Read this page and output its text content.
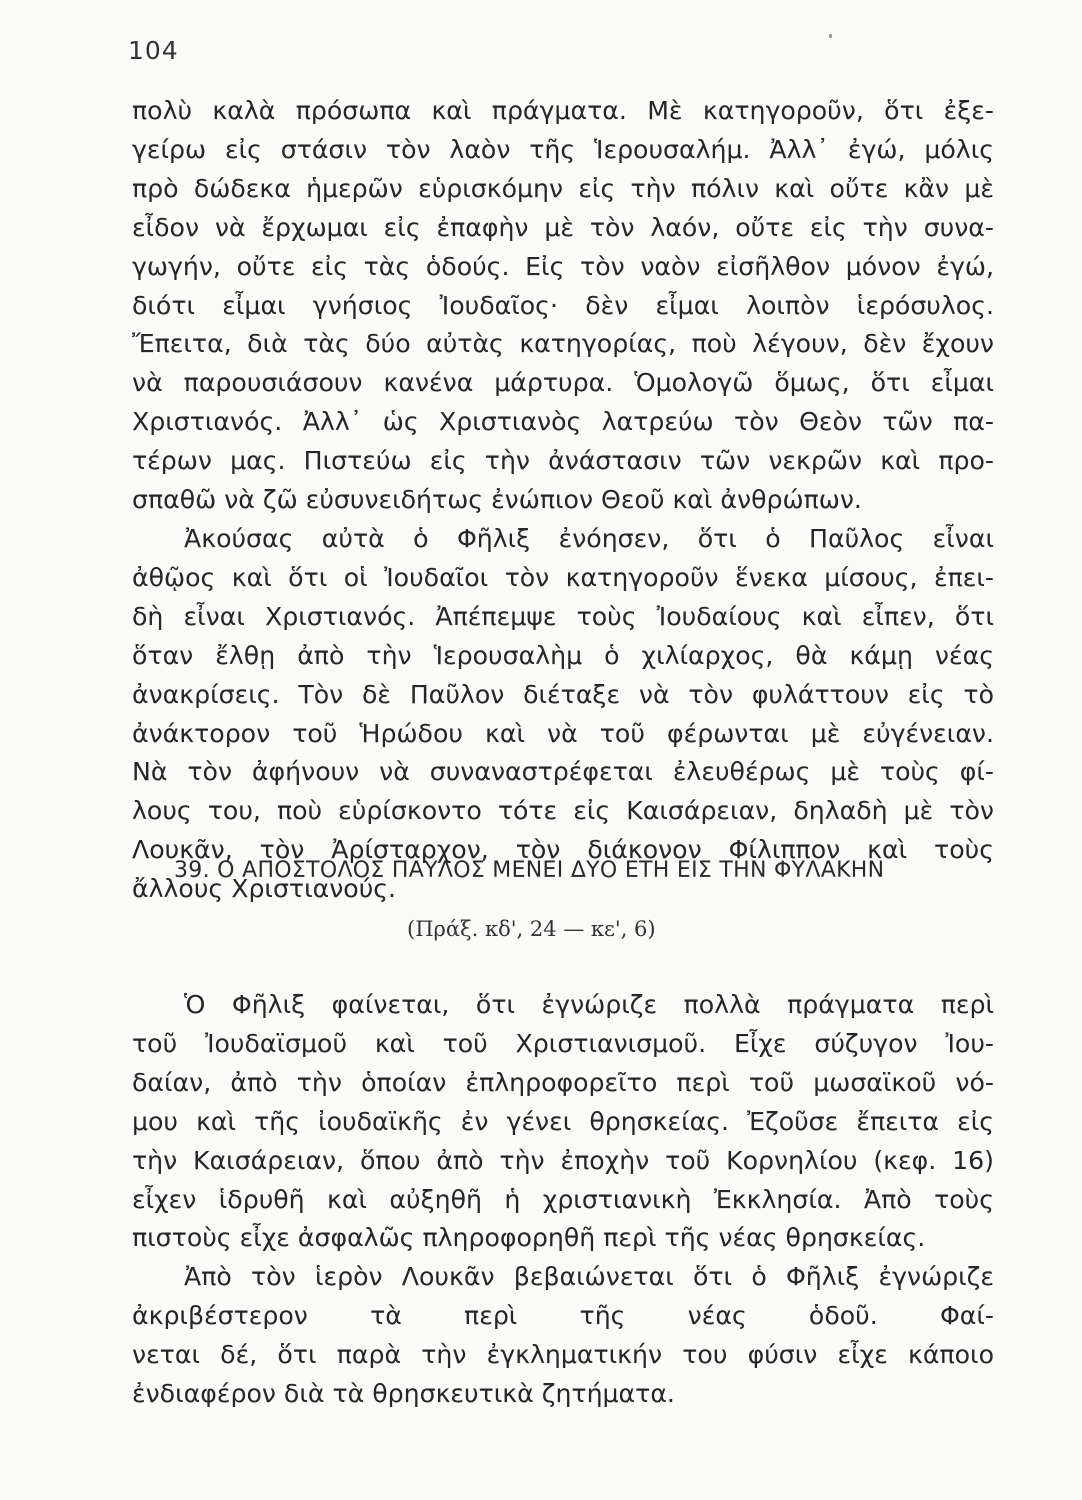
104
πολὺ καλὰ πρόσωπα καὶ πράγματα. Μὲ κατηγοροῦν, ὅτι ἐξε-
γείρω εἰς στάσιν τὸν λαὸν τῆς Ἱερουσαλήμ. Ἀλλ᾽ ἐγώ, μόλις
πρὸ δώδεκα ἡμερῶν εὑρισκόμην εἰς τὴν πόλιν καὶ οὔτε κἂν μὲ
εἶδον νὰ ἔρχωμαι εἰς ἐπαφὴν μὲ τὸν λαόν, οὔτε εἰς τὴν συνα-
γωγήν, οὔτε εἰς τὰς ὁδούς. Εἰς τὸν ναὸν εἰσῆλθον μόνον ἐγώ,
διότι εἶμαι γνήσιος Ἰουδαῖος· δὲν εἶμαι λοιπὸν ἱερόσυλος.
Ἔπειτα, διὰ τὰς δύο αὐτὰς κατηγορίας, ποὺ λέγουν, δὲν ἔχουν
νὰ παρουσιάσουν κανένα μάρτυρα. Ὁμολογῶ ὅμως, ὅτι εἶμαι
Χριστιανός. Ἀλλ᾽ ὡς Χριστιανὸς λατρεύω τὸν Θεὸν τῶν πα-
τέρων μας. Πιστεύω εἰς τὴν ἀνάστασιν τῶν νεκρῶν καὶ προ-
σπαθῶ νὰ ζῶ εὐσυνειδήτως ἐνώπιον Θεοῦ καὶ ἀνθρώπων.
Ἀκούσας αὐτὰ ὁ Φῆλιξ ἐνόησεν, ὅτι ὁ Παῦλος εἶναι
ἀθῷος καὶ ὅτι οἱ Ἰουδαῖοι τὸν κατηγοροῦν ἕνεκα μίσους, ἐπει-
δὴ εἶναι Χριστιανός. Ἀπέπεμψε τοὺς Ἰουδαίους καὶ εἶπεν, ὅτι
ὅταν ἔλθῃ ἀπὸ τὴν Ἱερουσαλὴμ ὁ χιλίαρχος, θὰ κάμῃ νέας
ἀνακρίσεις. Τὸν δὲ Παῦλον διέταξε νὰ τὸν φυλάττουν εἰς τὸ
ἀνάκτορον τοῦ Ἡρώδου καὶ νὰ τοῦ φέρωνται μὲ εὐγένειαν.
Νὰ τὸν ἀφήνουν νὰ συναναστρέφεται ἐλευθέρως μὲ τοὺς φί-
λους του, ποὺ εὑρίσκοντο τότε εἰς Καισάρειαν, δηλαδὴ μὲ τὸν
Λουκᾶν, τὸν Ἀρίσταρχον, τὸν διάκονον Φίλιππον καὶ τοὺς
ἄλλους Χριστιανούς.
39. Ο ΑΠΟΣΤΟΛΟΣ ΠΑΥΛΟΣ ΜΕΝΕΙ ΔΥΟ ΕΤΗ ΕΙΣ ΤΗΝ ΦΥΛΑΚΗΝ
(Πράξ. κδ', 24 — κε', 6)
Ὁ Φῆλιξ φαίνεται, ὅτι ἐγνώριζε πολλὰ πράγματα περὶ
τοῦ Ἰουδαϊσμοῦ καὶ τοῦ Χριστιανισμοῦ. Εἶχε σύζυγον Ἰου-
δαίαν, ἀπὸ τὴν ὁποίαν ἐπληροφορεῖτο περὶ τοῦ μωσαϊκοῦ νό-
μου καὶ τῆς ἰουδαϊκῆς ἐν γένει θρησκείας. Ἐζοῦσε ἔπειτα εἰς
τὴν Καισάρειαν, ὅπου ἀπὸ τὴν ἐποχὴν τοῦ Κορνηλίου (κεφ. 16)
εἶχεν ἱδρυθῆ καὶ αὐξηθῆ ἡ χριστιανικὴ Ἐκκλησία. Ἀπὸ τοὺς
πιστοὺς εἶχε ἀσφαλῶς πληροφορηθῆ περὶ τῆς νέας θρησκείας.
Ἀπὸ τὸν ἱερὸν Λουκᾶν βεβαιώνεται ὅτι ὁ Φῆλιξ ἐγνώριζε
ἀκριβέστερον τὰ περὶ τῆς νέας ὁδοῦ. Φαί-
νεται δέ, ὅτι παρὰ τὴν ἐγκληματικήν του φύσιν εἶχε κάποιο
ἐνδιαφέρον διὰ τὰ θρησκευτικὰ ζητήματα.
